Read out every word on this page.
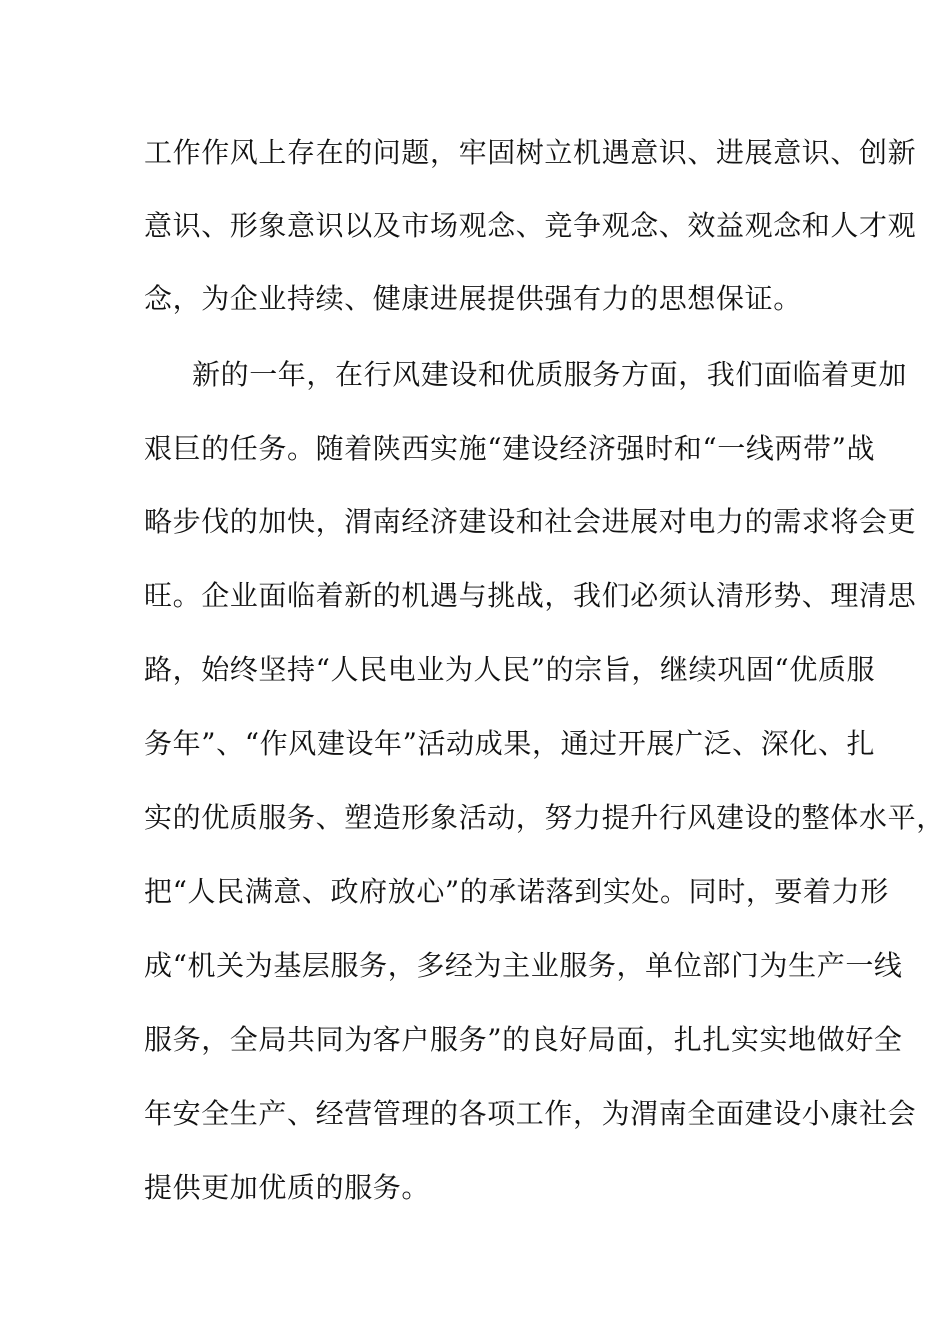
工作作风上存在的问题，牢固树立机遇意识、进展意识、创新
意识、形象意识以及市场观念、竞争观念、效益观念和人才观
念，为企业持续、健康进展提供强有力的思想保证。
新的一年，在行风建设和优质服务方面，我们面临着更加
艰巨的任务。随着陕西实施“建设经济强时和“一线两带”战
略步伐的加快，渭南经济建设和社会进展对电力的需求将会更
旺。企业面临着新的机遇与挑战，我们必须认清形势、理清思
路，始终坚持“人民电业为人民”的宗旨，继续巩固“优质服
务年”、“作风建设年”活动成果，通过开展广泛、深化、扎
实的优质服务、塑造形象活动，努力提升行风建设的整体水平，
把“人民满意、政府放心”的承诺落到实处。同时，要着力形
成“机关为基层服务，多经为主业服务，单位部门为生产一线
服务，全局共同为客户服务”的良好局面，扎扎实实地做好全
年安全生产、经营管理的各项工作，为渭南全面建设小康社会
提供更加优质的服务。
